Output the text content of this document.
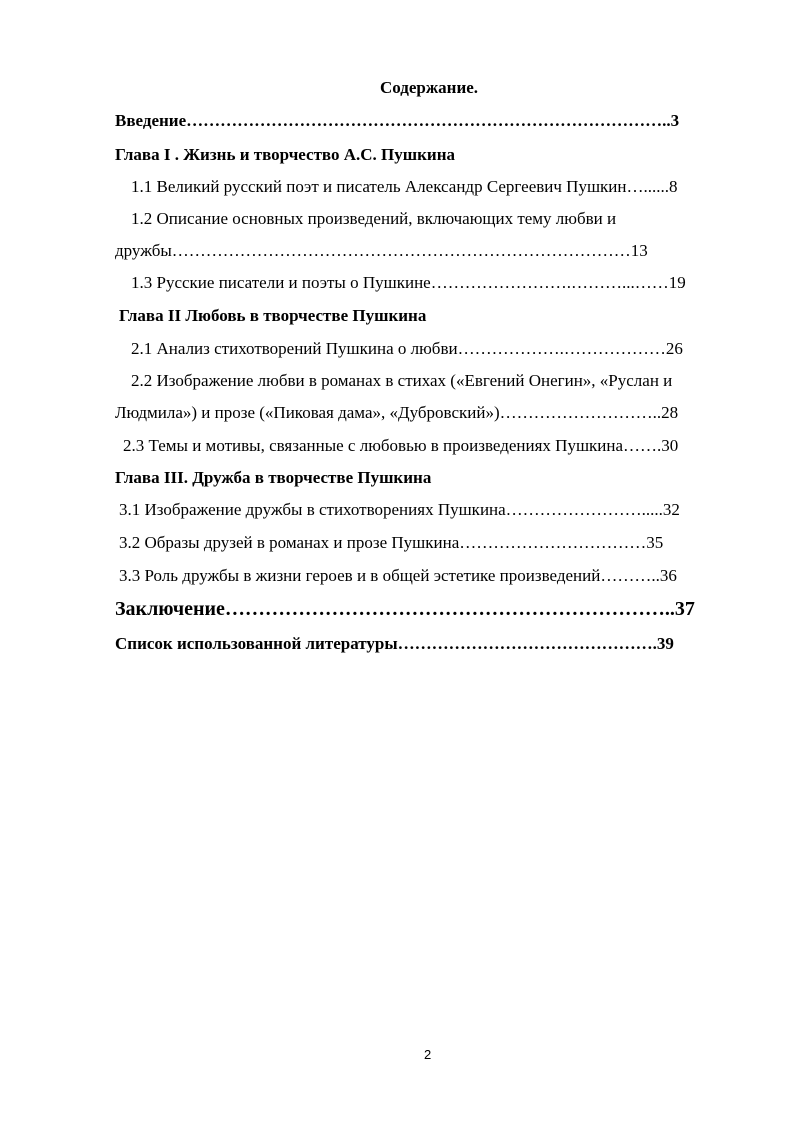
Содержание.
Введение…………………………………………………………………………..3
Глава I . Жизнь и творчество А.С. Пушкина
1.1 Великий русский поэт и писатель Александр Сергеевич Пушкин…......8
1.2 Описание основных произведений, включающих тему любви и
дружбы………………………………………………………………………13
1.3 Русские писатели и поэты о Пушкине…………………….………...……19
Глава II Любовь в творчестве Пушкина
2.1 Анализ стихотворений Пушкина о любви……………….………………26
2.2 Изображение любви в романах в стихах («Евгений Онегин», «Руслан и
Людмила») и прозе («Пиковая дама», «Дубровский»)………………………..28
2.3 Темы и мотивы, связанные с любовью в произведениях Пушкина…….30
Глава III. Дружба в творчестве Пушкина
3.1 Изображение дружбы в стихотворениях Пушкина…………………….....32
3.2 Образы друзей в романах и прозе Пушкина……………………………35
3.3 Роль дружбы в жизни героев и в общей эстетике произведений………..36
Заключение…………………………………………………………..37
Список использованной литературы……………………………………….39
2
